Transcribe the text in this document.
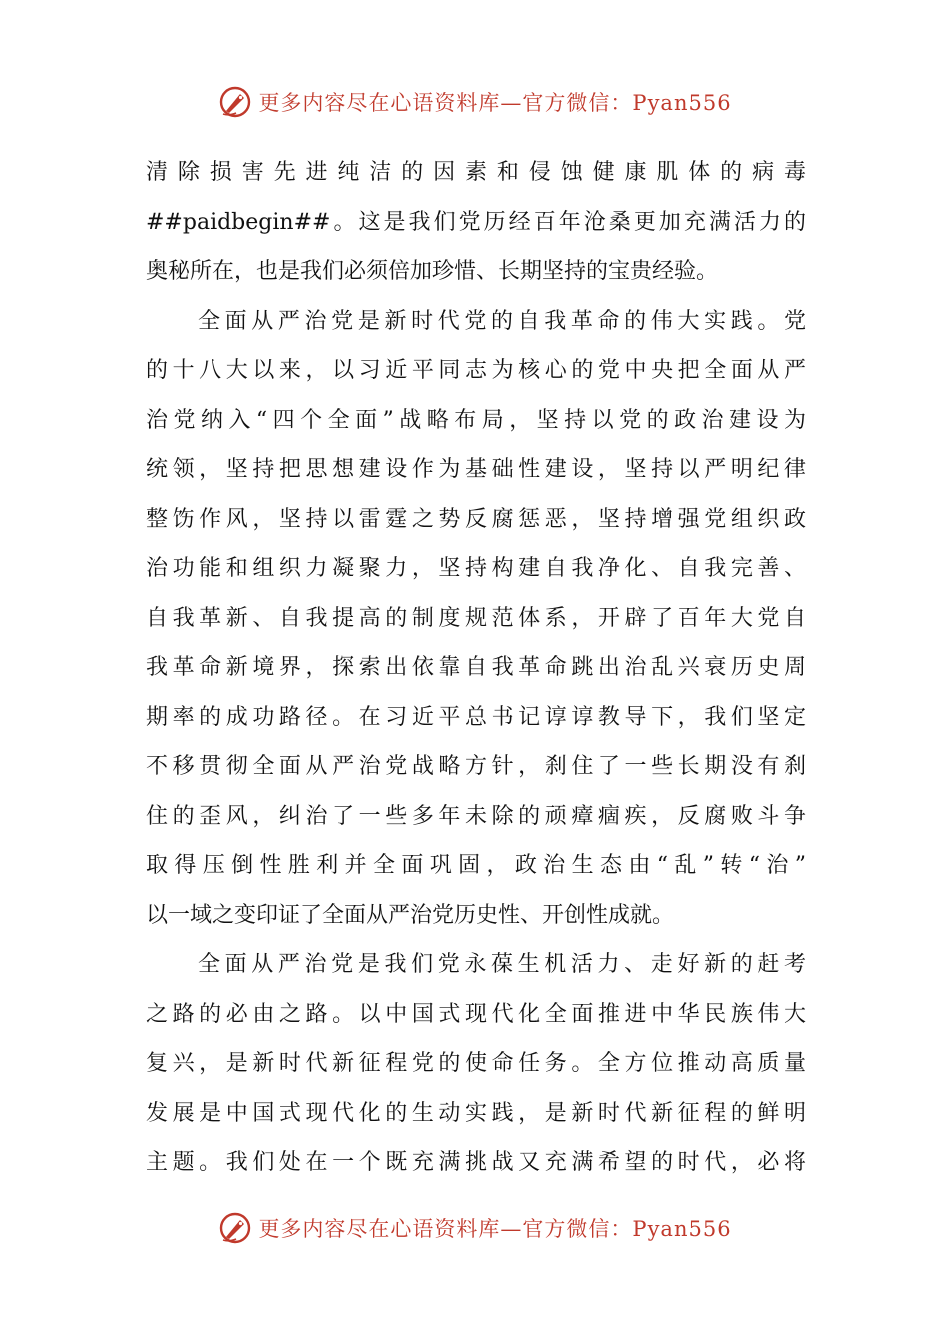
更多内容尽在心语资料库—官方微信：Pyan556
清除损害先进纯洁的因素和侵蚀健康肌体的病毒
##paidbegin##。这是我们党历经百年沧桑更加充满活力的
奥秘所在，也是我们必须倍加珍惜、长期坚持的宝贵经验。
全面从严治党是新时代党的自我革命的伟大实践。党
的十八大以来，以习近平同志为核心的党中央把全面从严
治党纳入“四个全面”战略布局，坚持以党的政治建设为
统领，坚持把思想建设作为基础性建设，坚持以严明纪律
整饬作风，坚持以雷霆之势反腐惩恶，坚持增强党组织政
治功能和组织力凝聚力，坚持构建自我净化、自我完善、
自我革新、自我提高的制度规范体系，开辟了百年大党自
我革命新境界，探索出依靠自我革命跳出治乱兴衰历史周
期率的成功路径。在习近平总书记谆谆教导下，我们坚定
不移贯彻全面从严治党战略方针，刹住了一些长期没有刹
住的歪风，纠治了一些多年未除的顽瘴痼疾，反腐败斗争
取得压倒性胜利并全面巩固，政治生态由“乱”转“治”
以一域之变印证了全面从严治党历史性、开创性成就。
全面从严治党是我们党永葆生机活力、走好新的赶考
之路的必由之路。以中国式现代化全面推进中华民族伟大
复兴，是新时代新征程党的使命任务。全方位推动高质量
发展是中国式现代化的生动实践，是新时代新征程的鲜明
主题。我们处在一个既充满挑战又充满希望的时代，必将
更多内容尽在心语资料库—官方微信：Pyan556
